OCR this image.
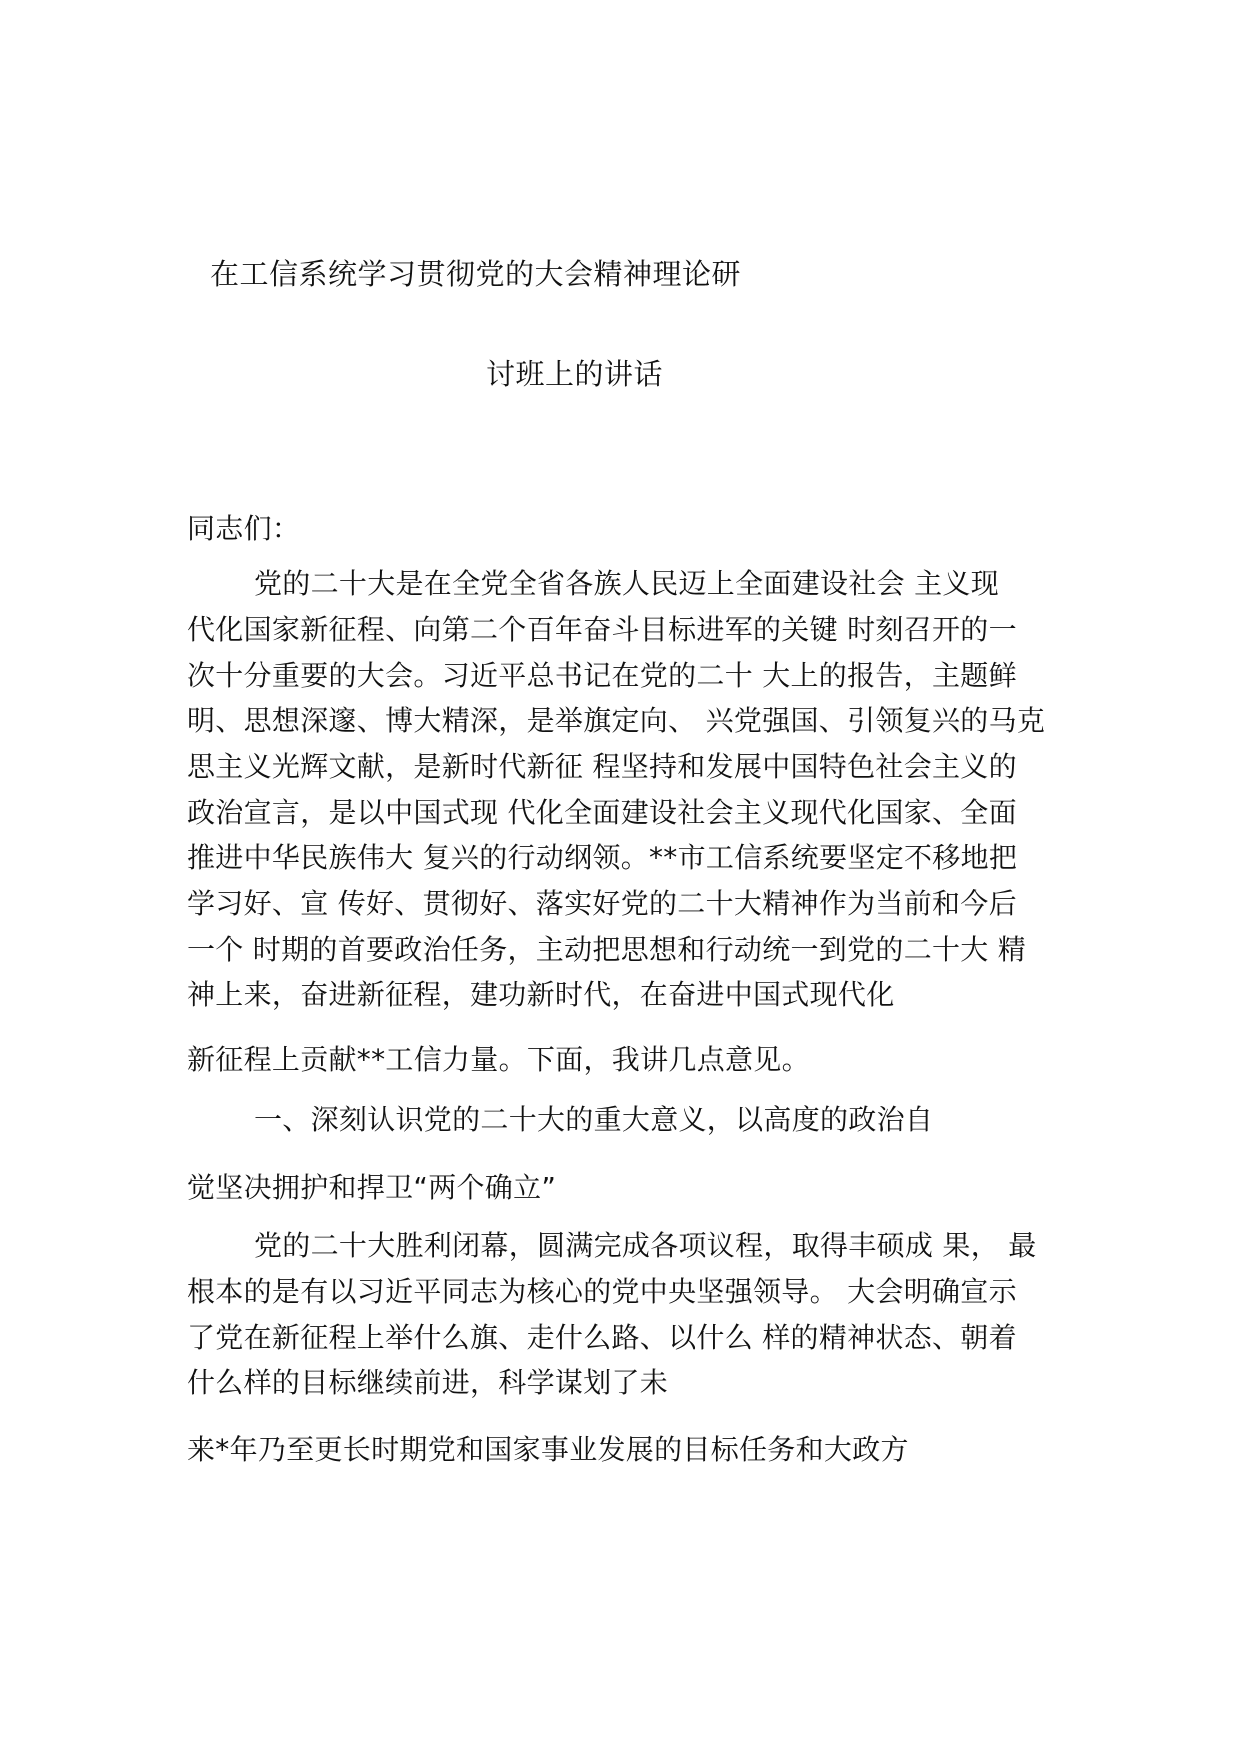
在工信系统学习贯彻党的大会精神理论研
讨班上的讲话
同志们：
党的二十大是在全党全省各族人民迈上全面建设社会 主义现
代化国家新征程、向第二个百年奋斗目标进军的关键 时刻召开的一
次十分重要的大会。习近平总书记在党的二十 大上的报告，主题鲜
明、思想深邃、博大精深，是举旗定向、 兴党强国、引领复兴的马克
思主义光辉文献，是新时代新征 程坚持和发展中国特色社会主义的
政治宣言，是以中国式现 代化全面建设社会主义现代化国家、全面
推进中华民族伟大 复兴的行动纲领。**市工信系统要坚定不移地把
学习好、宣 传好、贯彻好、落实好党的二十大精神作为当前和今后
一个 时期的首要政治任务，主动把思想和行动统一到党的二十大 精
神上来，奋进新征程，建功新时代，在奋进中国式现代化
新征程上贡献**工信力量。下面，我讲几点意见。
一、深刻认识党的二十大的重大意义，以高度的政治自
觉坚决拥护和捍卫“两个确立”
党的二十大胜利闭幕，圆满完成各项议程，取得丰硕成 果， 最
根本的是有以习近平同志为核心的党中央坚强领导。 大会明确宣示
了党在新征程上举什么旗、走什么路、以什么 样的精神状态、朝着
什么样的目标继续前进，科学谋划了未
来*年乃至更长时期党和国家事业发展的目标任务和大政方
